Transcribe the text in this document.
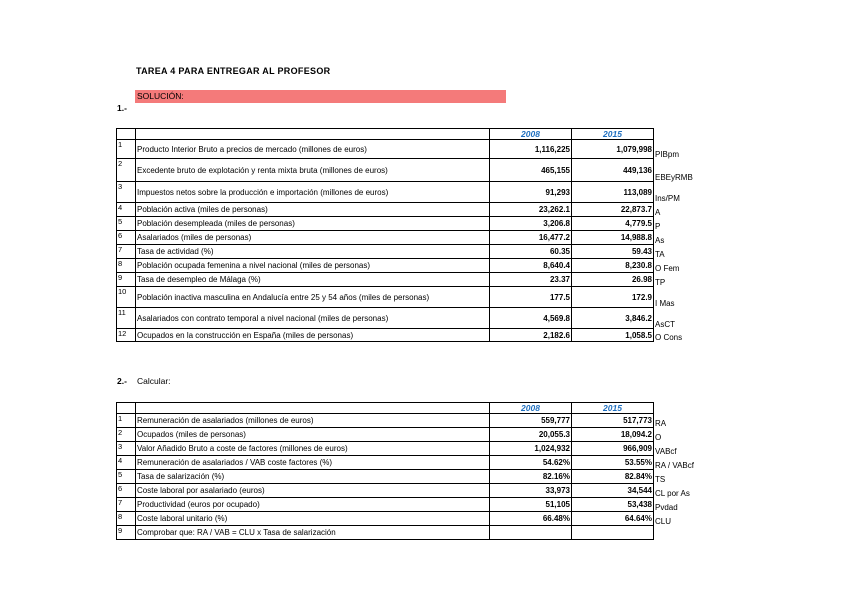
TAREA 4 PARA ENTREGAR AL PROFESOR
SOLUCIÓN:
1.-
		2008	2015	
1	Producto Interior Bruto a precios de mercado (millones de euros)	1,116,225	1,079,998	PIBpm
2	Excedente bruto de explotación y renta mixta bruta (millones de euros)	465,155	449,136	EBEyRMB
3	Impuestos netos sobre la producción e importación (millones de euros)	91,293	113,089	Ins/PM
4	Población activa (miles de personas)	23,262.1	22,873.7	A
5	Población desempleada (miles de personas)	3,206.8	4,779.5	P
6	Asalariados (miles de personas)	16,477.2	14,988.8	As
7	Tasa de actividad (%)	60.35	59.43	TA
8	Población ocupada femenina a nivel nacional (miles de personas)	8,640.4	8,230.8	O Fem
9	Tasa de desempleo de Málaga (%)	23.37	26.98	TP
10	Población inactiva masculina en Andalucía entre 25 y 54 años (miles de personas)	177.5	172.9	I Mas
11	Asalariados con contrato temporal a nivel nacional (miles de personas)	4,569.8	3,846.2	AsCT
12	Ocupados en la construcción en España (miles de personas)	2,182.6	1,058.5	O Cons
2.- Calcular:
		2008	2015	
1	Remuneración de asalariados (millones de euros)	559,777	517,773	RA
2	Ocupados (miles de personas)	20,055.3	18,094.2	O
3	Valor Añadido Bruto a coste de factores (millones de euros)	1,024,932	966,909	VABcf
4	Remuneración de asalariados / VAB coste factores (%)	54.62%	53.55%	RA / VABcf
5	Tasa de salarización (%)	82.16%	82.84%	TS
6	Coste laboral por asalariado (euros)	33,973	34,544	CL por As
7	Productividad (euros por ocupado)	51,105	53,438	Pvdad
8	Coste laboral unitario (%)	66.48%	64.64%	CLU
9	Comprobar que: RA / VAB = CLU x Tasa de salarización			
